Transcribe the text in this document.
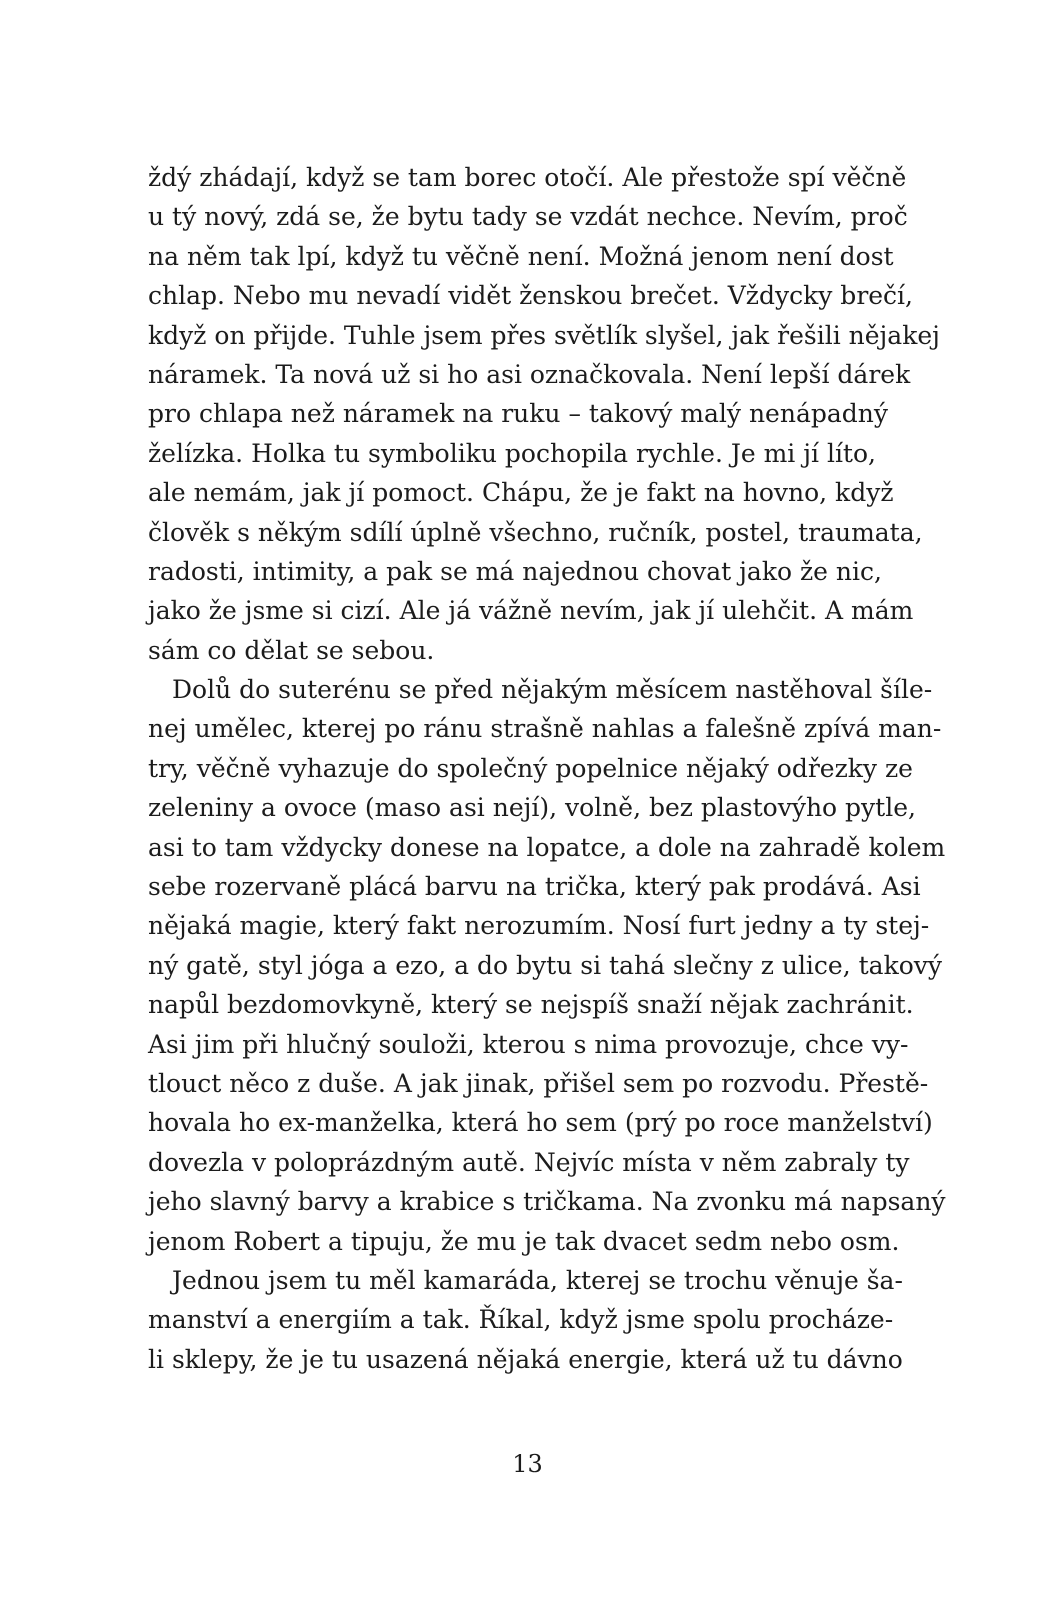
ždý zhádají, když se tam borec otočí. Ale přestože spí věčně
u tý nový, zdá se, že bytu tady se vzdát nechce. Nevím, proč
na něm tak lpí, když tu věčně není. Možná jenom není dost
chlap. Nebo mu nevadí vidět ženskou brečet. Vždycky brečí,
když on přijde. Tuhle jsem přes světlík slyšel, jak řešili nějakej
náramek. Ta nová už si ho asi označkovala. Není lepší dárek
pro chlapa než náramek na ruku – takový malý nenápadný
želízka. Holka tu symboliku pochopila rychle. Je mi jí líto,
ale nemám, jak jí pomoct. Chápu, že je fakt na hovno, když
člověk s někým sdílí úplně všechno, ručník, postel, traumata,
radosti, intimity, a pak se má najednou chovat jako že nic,
jako že jsme si cizí. Ale já vážně nevím, jak jí ulehčit. A mám
sám co dělat se sebou.
Dolů do suterénu se před nějakým měsícem nastěhoval šíle-
nej umělec, kterej po ránu strašně nahlas a falešně zpívá man-
try, věčně vyhazuje do společný popelnice nějaký odřezky ze
zeleniny a ovoce (maso asi nejí), volně, bez plastovýho pytle,
asi to tam vždycky donese na lopatce, a dole na zahradě kolem
sebe rozervaně plácá barvu na trička, který pak prodává. Asi
nějaká magie, který fakt nerozumím. Nosí furt jedny a ty stej-
ný gatě, styl jóga a ezo, a do bytu si tahá slečny z ulice, takový
napůl bezdomovkyně, který se nejspíš snaží nějak zachránit.
Asi jim při hlučný souloži, kterou s nima provozuje, chce vy-
tlouct něco z duše. A jak jinak, přišel sem po rozvodu. Přestě-
hovala ho ex-manželka, která ho sem (prý po roce manželství)
dovezla v poloprázdným autě. Nejvíc místa v něm zabraly ty
jeho slavný barvy a krabice s tričkama. Na zvonku má napsaný
jenom Robert a tipuju, že mu je tak dvacet sedm nebo osm.
Jednou jsem tu měl kamaráda, kterej se trochu věnuje ša-
manství a energiím a tak. Říkal, když jsme spolu procháze-
li sklepy, že je tu usazená nějaká energie, která už tu dávno
13
